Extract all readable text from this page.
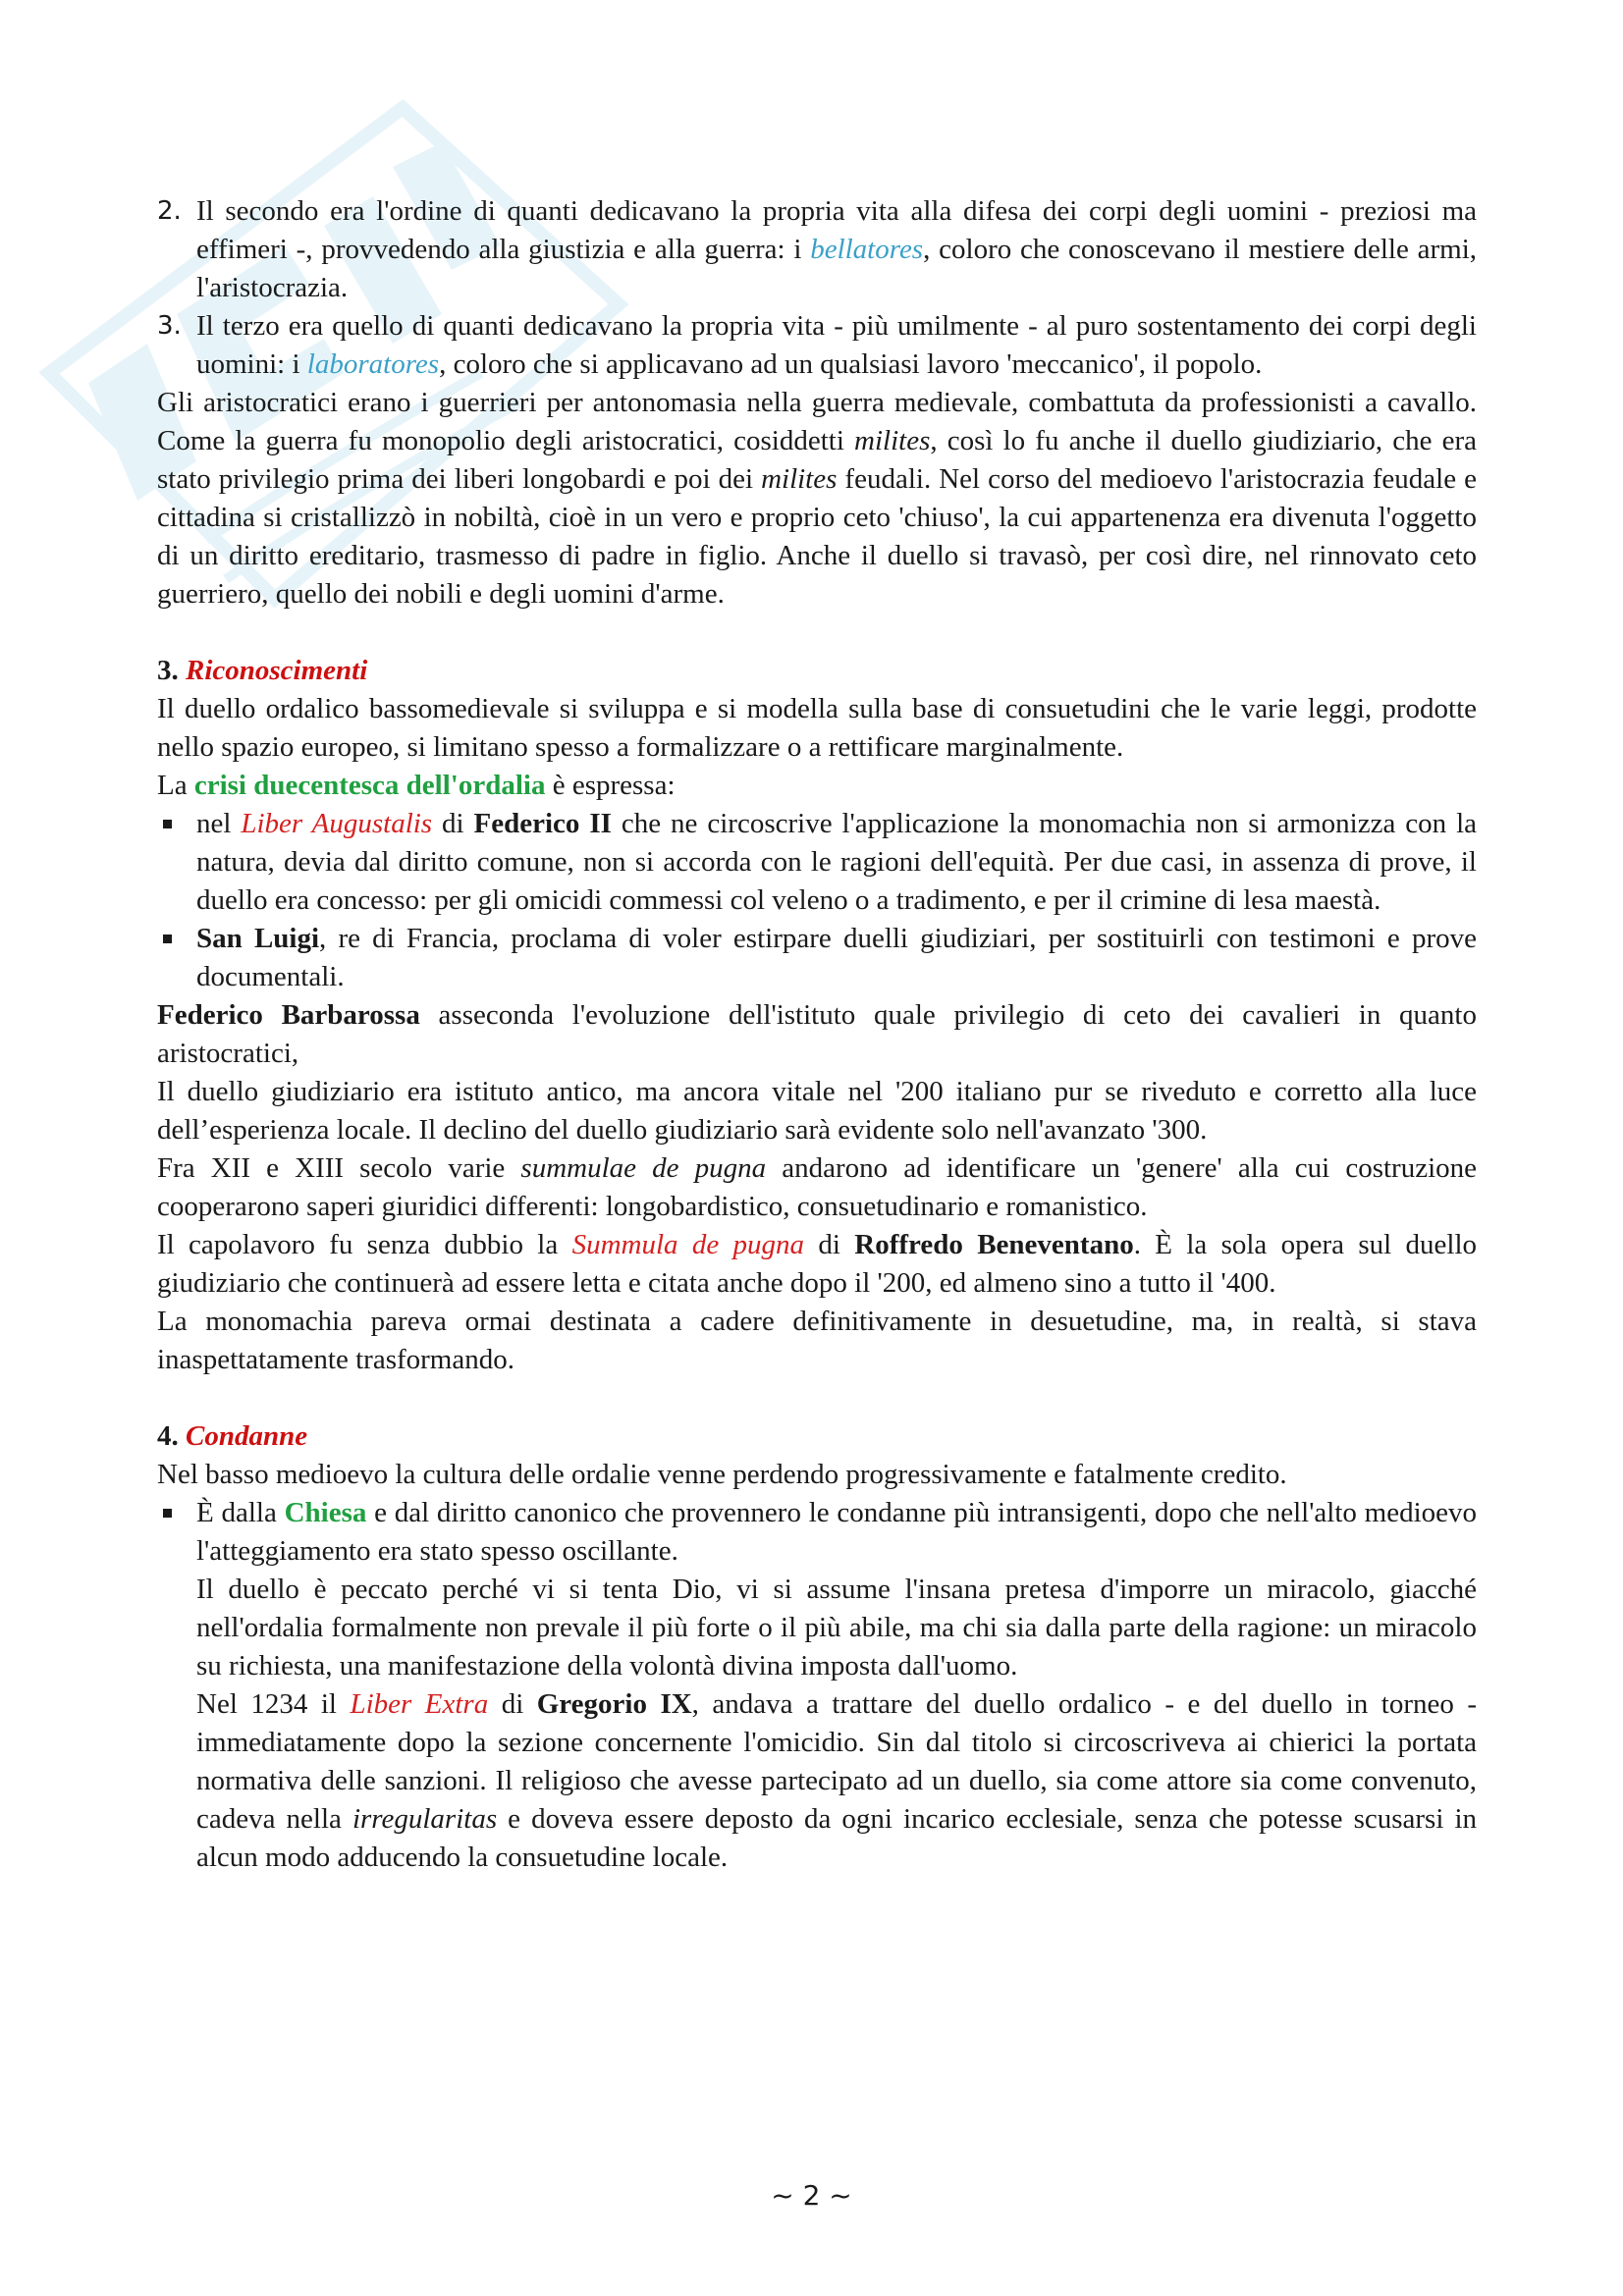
2. Il secondo era l'ordine di quanti dedicavano la propria vita alla difesa dei corpi degli uomini - preziosi ma effimeri -, provvedendo alla giustizia e alla guerra: i bellatores, coloro che conoscevano il mestiere delle armi, l'aristocrazia.
3. Il terzo era quello di quanti dedicavano la propria vita - più umilmente - al puro sostentamento dei corpi degli uomini: i laboratores, coloro che si applicavano ad un qualsiasi lavoro 'meccanico', il popolo.

Gli aristocratici erano i guerrieri per antonomasia nella guerra medievale, combattuta da professionisti a cavallo. Come la guerra fu monopolio degli aristocratici, cosiddetti milites, così lo fu anche il duello giudiziario, che era stato privilegio prima dei liberi longobardi e poi dei milites feudali. Nel corso del medioevo l'aristocrazia feudale e cittadina si cristallizzò in nobiltà, cioè in un vero e proprio ceto 'chiuso', la cui appartenenza era divenuta l'oggetto di un diritto ereditario, trasmesso di padre in figlio. Anche il duello si travasò, per così dire, nel rinnovato ceto guerriero, quello dei nobili e degli uomini d'arme.

3. Riconoscimenti

Il duello ordalico bassomedievale si sviluppa e si modella sulla base di consuetudini che le varie leggi, prodotte nello spazio europeo, si limitano spesso a formalizzare o a rettificare marginalmente.

La crisi duecentesca dell'ordalia è espressa:

nel Liber Augustalis di Federico II che ne circoscrive l'applicazione la monomachia non si armonizza con la natura, devia dal diritto comune, non si accorda con le ragioni dell'equità. Per due casi, in assenza di prove, il duello era concesso: per gli omicidi commessi col veleno o a tradimento, e per il crimine di lesa maestà.
San Luigi, re di Francia, proclama di voler estirpare duelli giudiziari, per sostituirli con testimoni e prove documentali.

Federico Barbarossa asseconda l'evoluzione dell'istituto quale privilegio di ceto dei cavalieri in quanto aristocratici,

Il duello giudiziario era istituto antico, ma ancora vitale nel '200 italiano pur se riveduto e corretto alla luce dell’esperienza locale. Il declino del duello giudiziario sarà evidente solo nell'avanzato '300.

Fra XII e XIII secolo varie summulae de pugna andarono ad identificare un 'genere' alla cui costruzione cooperarono saperi giuridici differenti: longobardistico, consuetudinario e romanistico.

Il capolavoro fu senza dubbio la Summula de pugna di Roffredo Beneventano. È la sola opera sul duello giudiziario che continuerà ad essere letta e citata anche dopo il '200, ed almeno sino a tutto il '400.

La monomachia pareva ormai destinata a cadere definitivamente in desuetudine, ma, in realtà, si stava inaspettatamente trasformando.

4. Condanne

Nel basso medioevo la cultura delle ordalie venne perdendo progressivamente e fatalmente credito.

È dalla Chiesa e dal diritto canonico che provennero le condanne più intransigenti, dopo che nell'alto medioevo l'atteggiamento era stato spesso oscillante.

Il duello è peccato perché vi si tenta Dio, vi si assume l'insana pretesa d'imporre un miracolo, giacché nell'ordalia formalmente non prevale il più forte o il più abile, ma chi sia dalla parte della ragione: un miracolo su richiesta, una manifestazione della volontà divina imposta dall'uomo.

Nel 1234 il Liber Extra di Gregorio IX, andava a trattare del duello ordalico - e del duello in torneo - immediatamente dopo la sezione concernente l'omicidio. Sin dal titolo si circoscriveva ai chierici la portata normativa delle sanzioni. Il religioso che avesse partecipato ad un duello, sia come attore sia come convenuto, cadeva nella irregularitas e doveva essere deposto da ogni incarico ecclesiale, senza che potesse scusarsi in alcun modo adducendo la consuetudine locale.

~ 2 ~
